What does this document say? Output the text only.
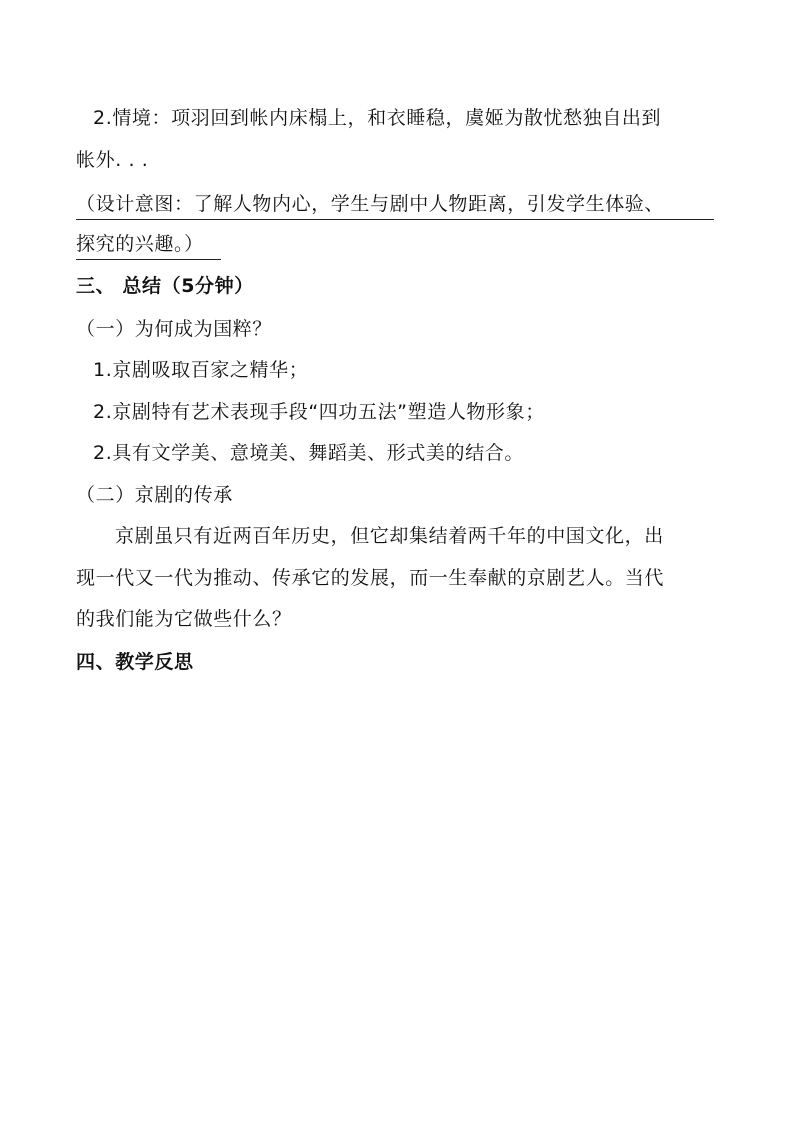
2.情境：项羽回到帐内床榻上，和衣睡稳，虞姬为散忧愁独自出到
帐外. . .
（设计意图：了解人物内心，学生与剧中人物距离，引发学生体验、
探究的兴趣。）
三、 总结（5分钟）
（一）为何成为国粹？
1.京剧吸取百家之精华；
2.京剧特有艺术表现手段“四功五法”塑造人物形象；
2.具有文学美、意境美、舞蹈美、形式美的结合。
（二）京剧的传承
京剧虽只有近两百年历史，但它却集结着两千年的中国文化，出
现一代又一代为推动、传承它的发展，而一生奉献的京剧艺人。当代
的我们能为它做些什么？
四、教学反思
